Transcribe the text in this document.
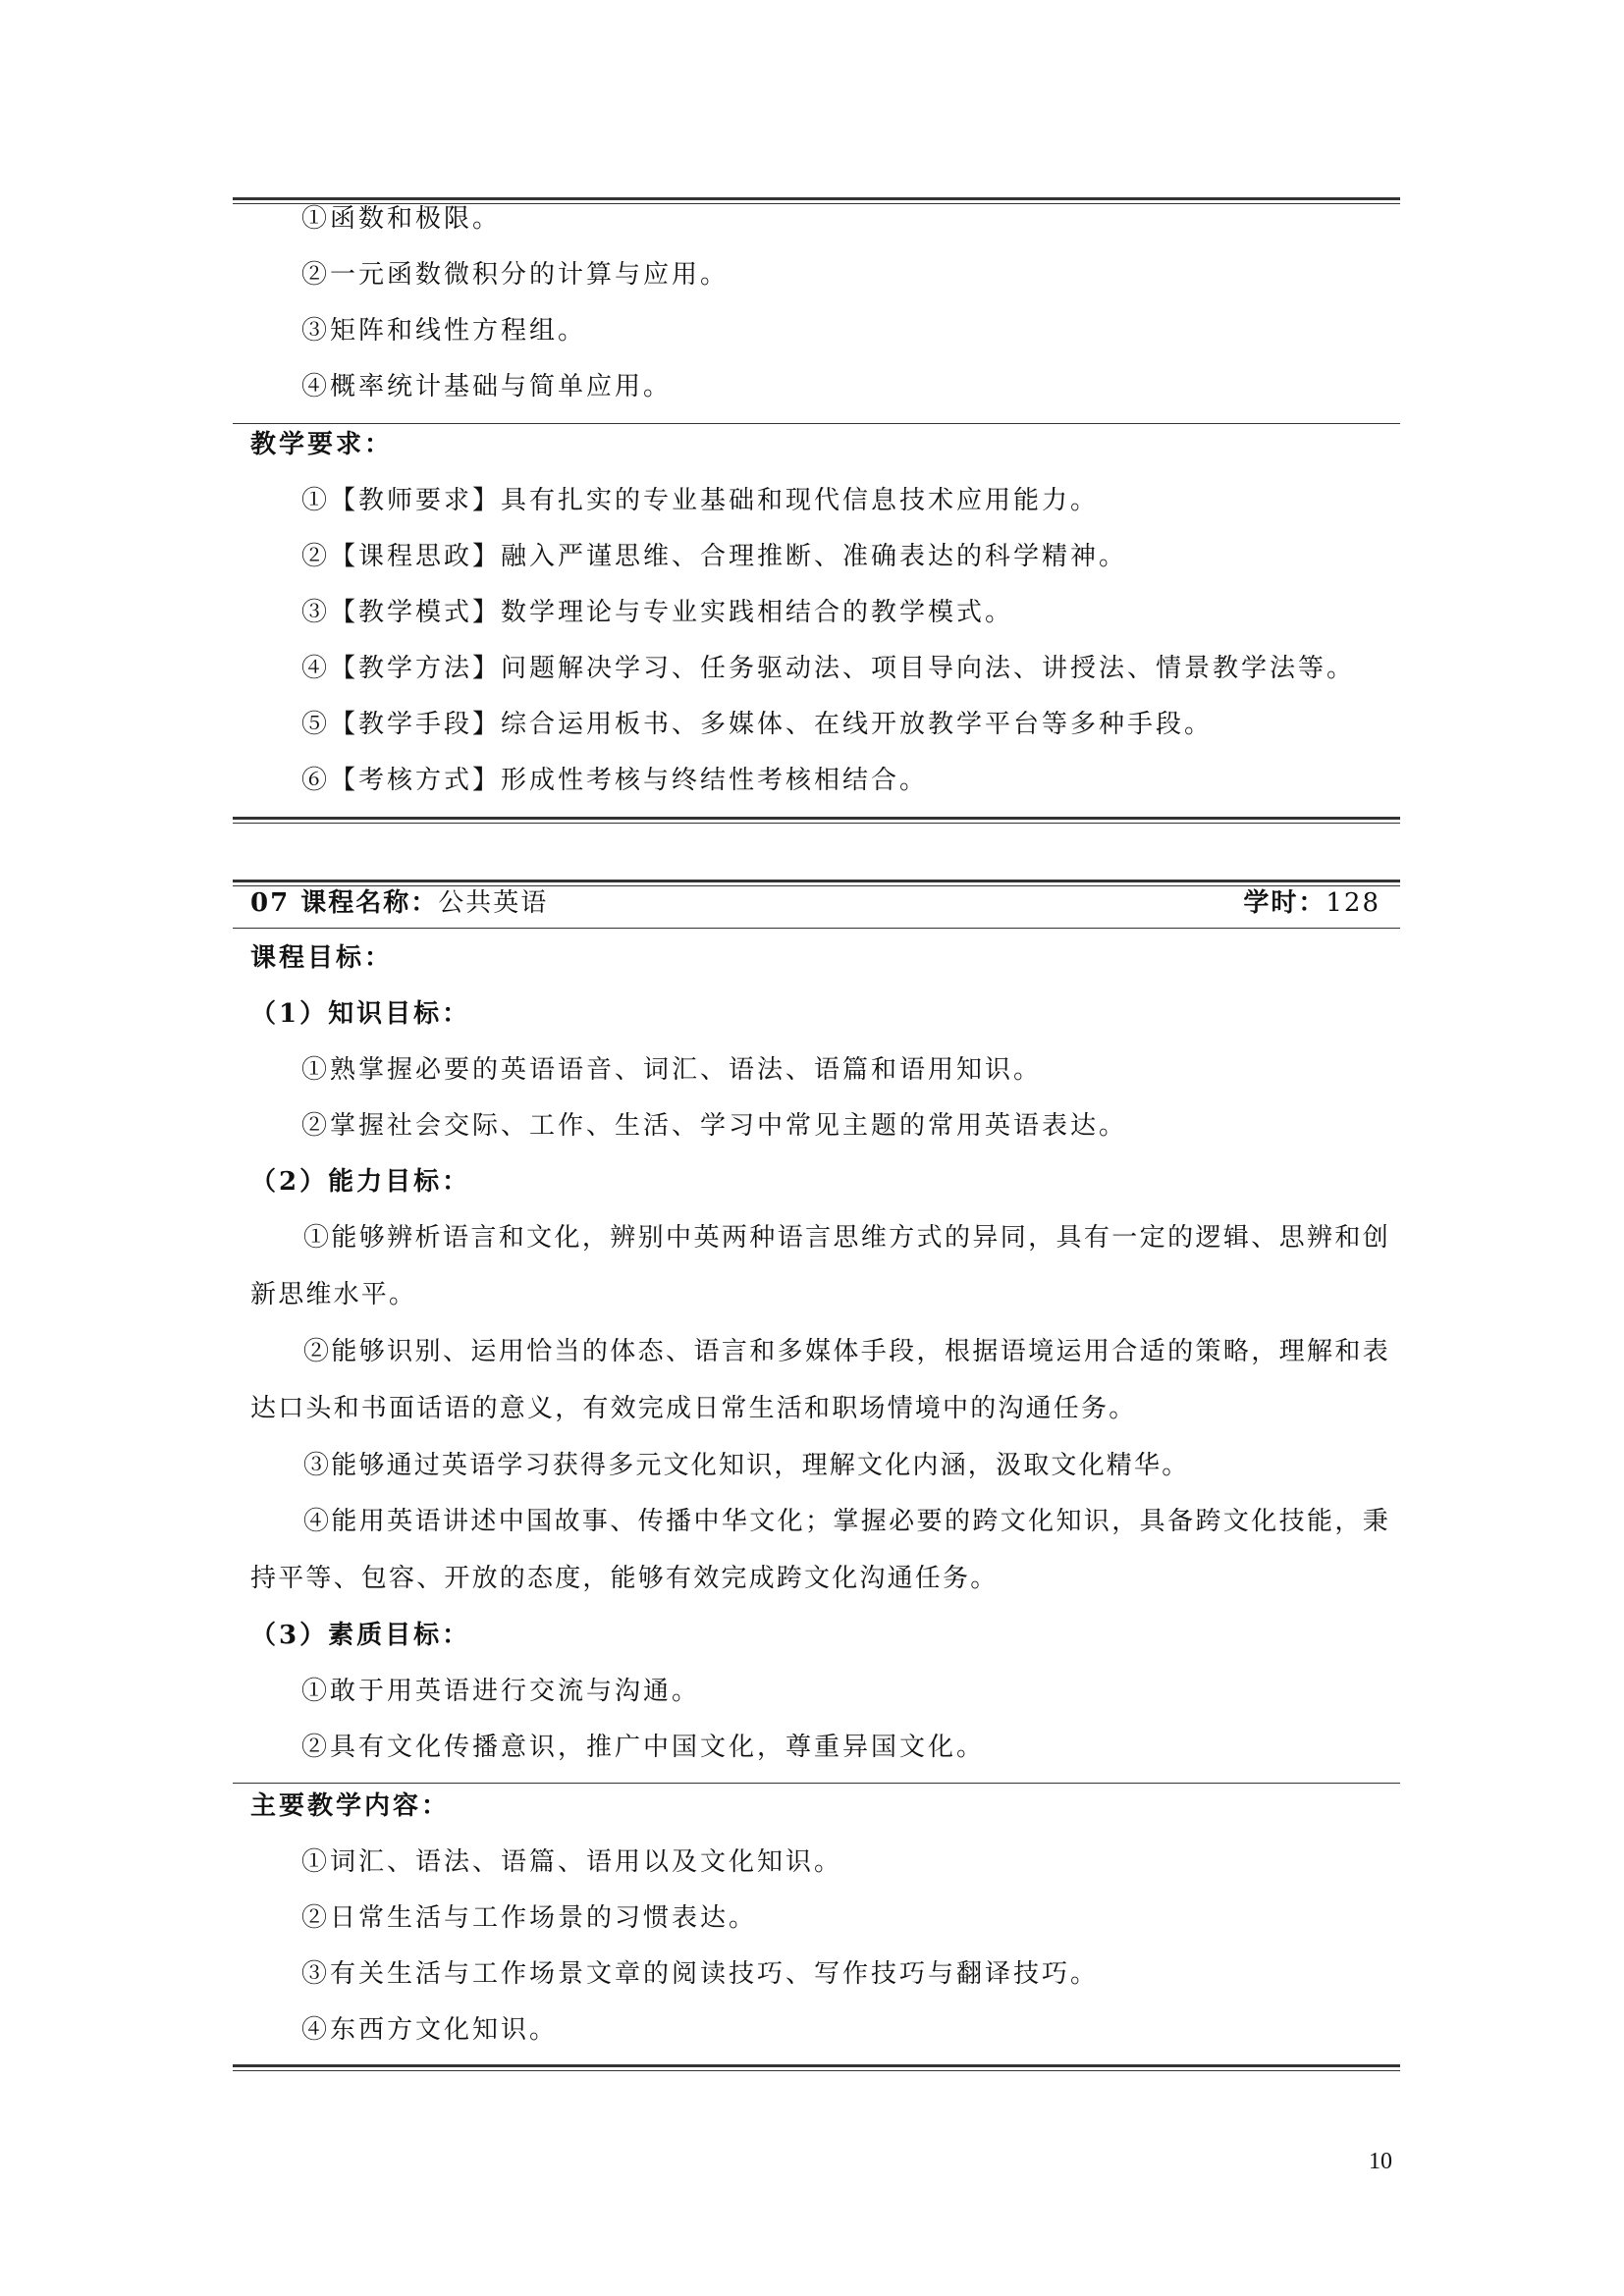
①函数和极限。
②一元函数微积分的计算与应用。
③矩阵和线性方程组。
④概率统计基础与简单应用。
教学要求：
①【教师要求】具有扎实的专业基础和现代信息技术应用能力。
②【课程思政】融入严谨思维、合理推断、准确表达的科学精神。
③【教学模式】数学理论与专业实践相结合的教学模式。
④【教学方法】问题解决学习、任务驱动法、项目导向法、讲授法、情景教学法等。
⑤【教学手段】综合运用板书、多媒体、在线开放教学平台等多种手段。
⑥【考核方式】形成性考核与终结性考核相结合。
07 课程名称：公共英语	学时：128
课程目标：
（1）知识目标：
①熟掌握必要的英语语音、词汇、语法、语篇和语用知识。
②掌握社会交际、工作、生活、学习中常见主题的常用英语表达。
（2）能力目标：
①能够辨析语言和文化，辨别中英两种语言思维方式的异同，具有一定的逻辑、思辨和创新思维水平。
②能够识别、运用恰当的体态、语言和多媒体手段，根据语境运用合适的策略，理解和表达口头和书面话语的意义，有效完成日常生活和职场情境中的沟通任务。
③能够通过英语学习获得多元文化知识，理解文化内涵，汲取文化精华。
④能用英语讲述中国故事、传播中华文化；掌握必要的跨文化知识，具备跨文化技能，秉持平等、包容、开放的态度，能够有效完成跨文化沟通任务。
（3）素质目标：
①敢于用英语进行交流与沟通。
②具有文化传播意识，推广中国文化，尊重异国文化。
主要教学内容：
①词汇、语法、语篇、语用以及文化知识。
②日常生活与工作场景的习惯表达。
③有关生活与工作场景文章的阅读技巧、写作技巧与翻译技巧。
④东西方文化知识。
10
